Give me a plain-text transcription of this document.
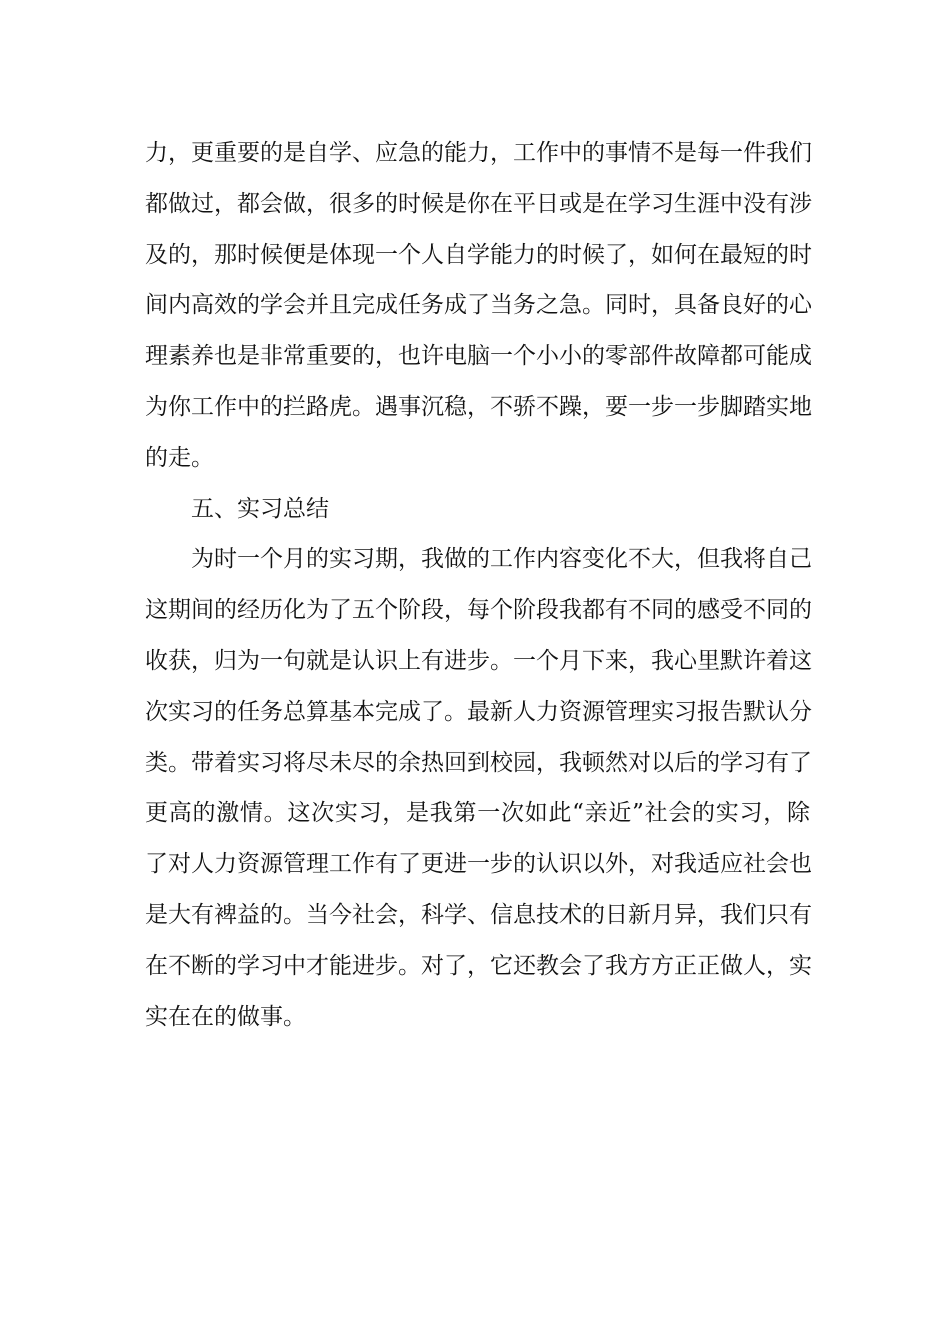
力，更重要的是自学、应急的能力，工作中的事情不是每一件我们
都做过，都会做，很多的时候是你在平日或是在学习生涯中没有涉
及的，那时候便是体现一个人自学能力的时候了，如何在最短的时
间内高效的学会并且完成任务成了当务之急。同时，具备良好的心
理素养也是非常重要的，也许电脑一个小小的零部件故障都可能成
为你工作中的拦路虎。遇事沉稳，不骄不躁，要一步一步脚踏实地
的走。
五、实习总结
为时一个月的实习期，我做的工作内容变化不大，但我将自己
这期间的经历化为了五个阶段，每个阶段我都有不同的感受不同的
收获，归为一句就是认识上有进步。一个月下来，我心里默许着这
次实习的任务总算基本完成了。最新人力资源管理实习报告默认分
类。带着实习将尽未尽的余热回到校园，我顿然对以后的学习有了
更高的激情。这次实习，是我第一次如此“亲近”社会的实习，除
了对人力资源管理工作有了更进一步的认识以外，对我适应社会也
是大有裨益的。当今社会，科学、信息技术的日新月异，我们只有
在不断的学习中才能进步。对了，它还教会了我方方正正做人，实
实在在的做事。
